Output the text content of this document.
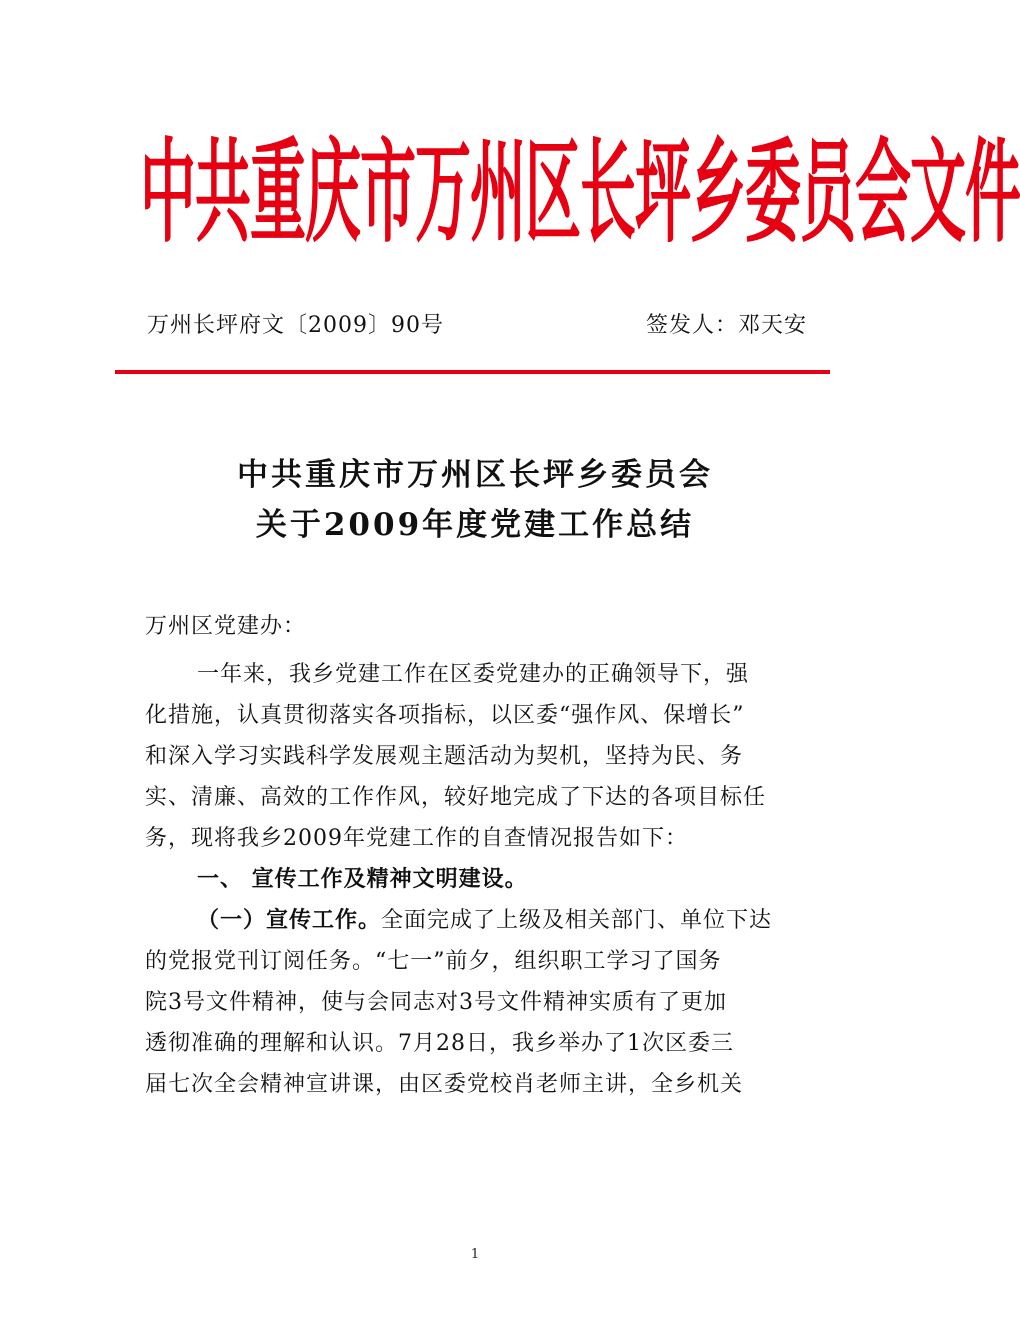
中共重庆市万州区长坪乡委员会文件
万州长坪府文〔2009〕90号	签发人：邓天安
中共重庆市万州区长坪乡委员会
关于2009年度党建工作总结
万州区党建办：
一年来，我乡党建工作在区委党建办的正确领导下，强
化措施，认真贯彻落实各项指标，以区委“强作风、保增长”
和深入学习实践科学发展观主题活动为契机，坚持为民、务
实、清廉、高效的工作作风，较好地完成了下达的各项目标任
务，现将我乡2009年党建工作的自查情况报告如下：
一、 宣传工作及精神文明建设。
（一）宣传工作。全面完成了上级及相关部门、单位下达
的党报党刊订阅任务。“七一”前夕，组织职工学习了国务
院3号文件精神，使与会同志对3号文件精神实质有了更加
透彻准确的理解和认识。7月28日，我乡举办了1次区委三
届七次全会精神宣讲课，由区委党校肖老师主讲，全乡机关
1
